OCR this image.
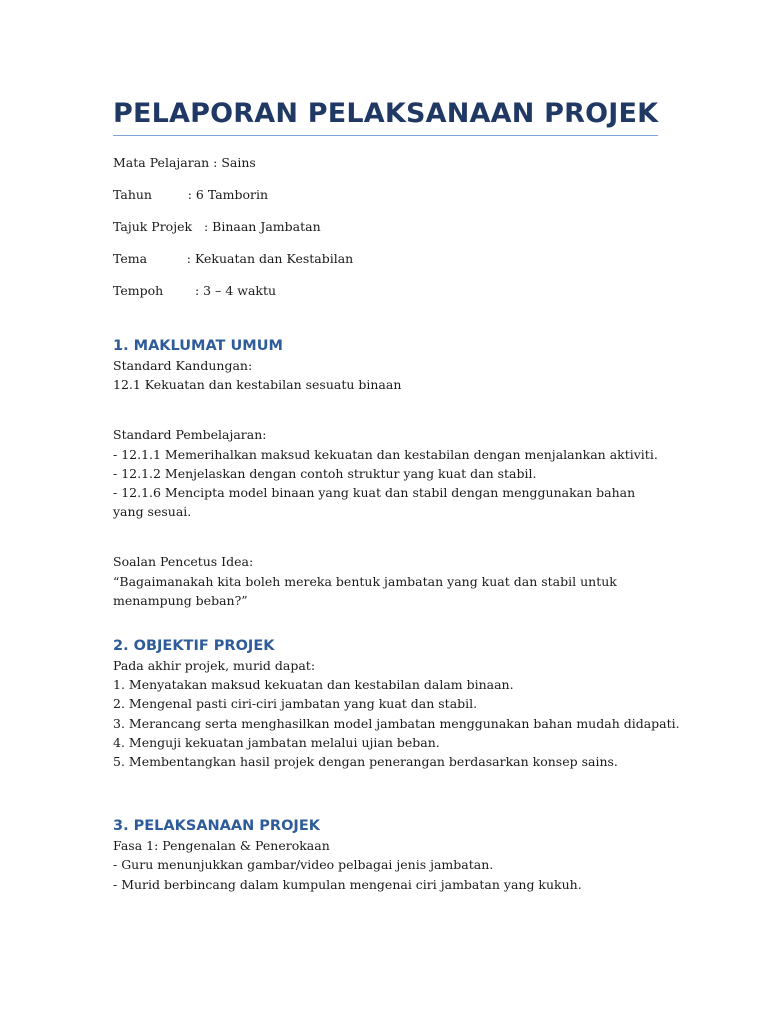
PELAPORAN PELAKSANAAN PROJEK
Mata Pelajaran : Sains
Tahun         : 6 Tamborin
Tajuk Projek   : Binaan Jambatan
Tema          : Kekuatan dan Kestabilan
Tempoh        : 3 – 4 waktu
1. MAKLUMAT UMUM
Standard Kandungan:
12.1 Kekuatan dan kestabilan sesuatu binaan
Standard Pembelajaran:
- 12.1.1 Memerihalkan maksud kekuatan dan kestabilan dengan menjalankan aktiviti.
- 12.1.2 Menjelaskan dengan contoh struktur yang kuat dan stabil.
- 12.1.6 Mencipta model binaan yang kuat dan stabil dengan menggunakan bahan yang sesuai.
Soalan Pencetus Idea:
“Bagaimanakah kita boleh mereka bentuk jambatan yang kuat dan stabil untuk menampung beban?”
2. OBJEKTIF PROJEK
Pada akhir projek, murid dapat:
1. Menyatakan maksud kekuatan dan kestabilan dalam binaan.
2. Mengenal pasti ciri-ciri jambatan yang kuat dan stabil.
3. Merancang serta menghasilkan model jambatan menggunakan bahan mudah didapati.
4. Menguji kekuatan jambatan melalui ujian beban.
5. Membentangkan hasil projek dengan penerangan berdasarkan konsep sains.
3. PELAKSANAAN PROJEK
Fasa 1: Pengenalan & Penerokaan
- Guru menunjukkan gambar/video pelbagai jenis jambatan.
- Murid berbincang dalam kumpulan mengenai ciri jambatan yang kukuh.
